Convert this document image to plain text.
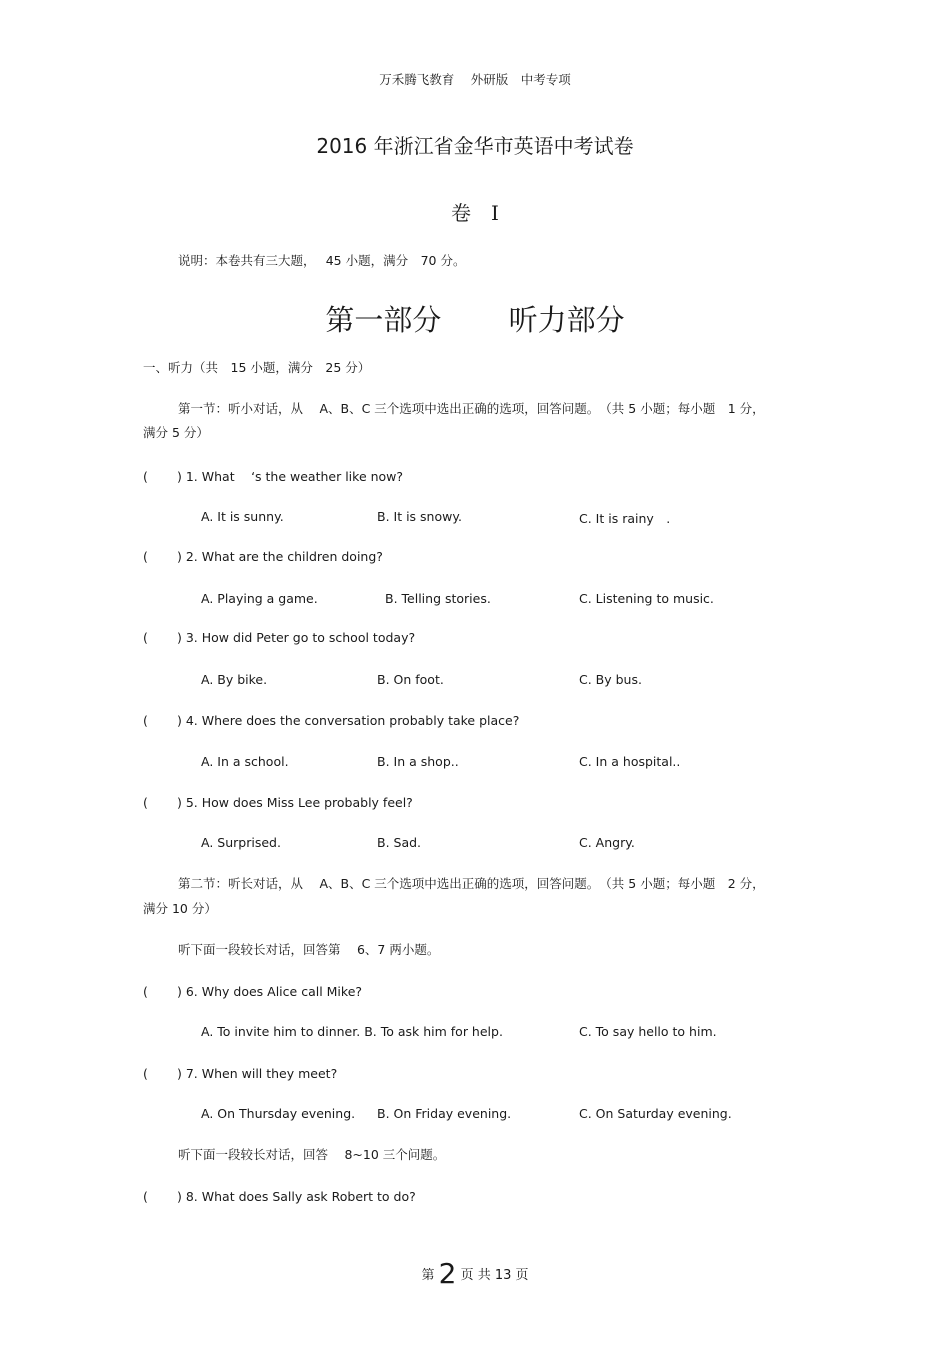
万禾腾飞教育　 外研版　中考专项
2016 年浙江省金华市英语中考试卷
卷　I
说明：本卷共有三大题，　 45 小题，满分　70 分。
第一部分　　 听力部分
一、听力（共　15 小题，满分　25 分）
第一节：听小对话，从　 A、B、C 三个选项中选出正确的选项，回答问题。　（共 5 小题；每小题　1 分，
满分 5 分）
( ) 1. What　 ‘s the weather like now?
A. It is sunny.	B. It is snowy.	C. It is rainy　.
( ) 2. What are the children doing?
A. Playing a game.	B. Telling stories.	C. Listening to music.
( ) 3. How did Peter go to school today?
A. By bike.	B. On foot.	C. By bus.
( ) 4. Where does the conversation probably take place?
A. In a school.	B. In a shop..	C. In a hospital..
( ) 5. How does Miss Lee probably feel?
A. Surprised.	B. Sad.	C. Angry.
第二节：听长对话，从　 A、B、C 三个选项中选出正确的选项，回答问题。　（共 5 小题；每小题　2 分，
满分 10 分）
听下面一段较长对话，回答第　 6、7 两小题。
( ) 6. Why does Alice call Mike?
A. To invite him to dinner. B. To ask him for help.	C. To say hello to him.
( ) 7. When will they meet?
A. On Thursday evening. B. On Friday evening.	C. On Saturday evening.
听下面一段较长对话，回答　 8~10 三个问题。
( ) 8. What does Sally ask Robert to do?
第 2 页 共 13 页
